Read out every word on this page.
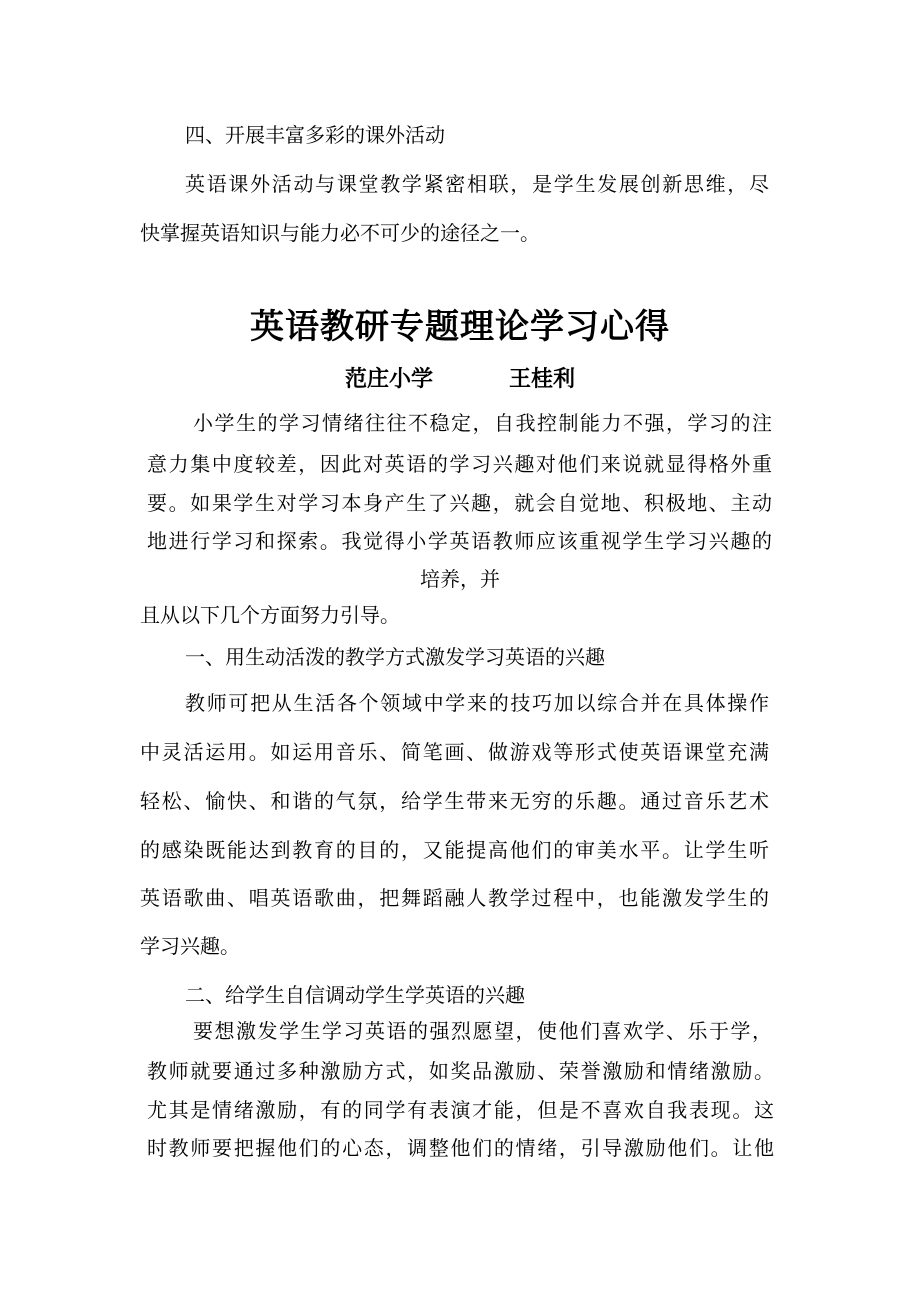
四、开展丰富多彩的课外活动

英语课外活动与课堂教学紧密相联，是学生发展创新思维，尽

快掌握英语知识与能力必不可少的途径之一。

英语教研专题理论学习心得
范庄小学	王桂利

小学生的学习情绪往往不稳定，自我控制能力不强，学习的注

意力集中度较差，因此对英语的学习兴趣对他们来说就显得格外重

要。如果学生对学习本身产生了兴趣，就会自觉地、积极地、主动

地进行学习和探索。我觉得小学英语教师应该重视学生学习兴趣的

培养，并

且从以下几个方面努力引导。

一、用生动活泼的教学方式激发学习英语的兴趣

教师可把从生活各个领域中学来的技巧加以综合并在具体操作

中灵活运用。如运用音乐、简笔画、做游戏等形式使英语课堂充满

轻松、愉快、和谐的气氛，给学生带来无穷的乐趣。通过音乐艺术

的感染既能达到教育的目的，又能提高他们的审美水平。让学生听

英语歌曲、唱英语歌曲，把舞蹈融人教学过程中，也能激发学生的

学习兴趣。

二、给学生自信调动学生学英语的兴趣

要想激发学生学习英语的强烈愿望，使他们喜欢学、乐于学，

教师就要通过多种激励方式，如奖品激励、荣誉激励和情绪激励。

尤其是情绪激励，有的同学有表演才能，但是不喜欢自我表现。这

时教师要把握他们的心态，调整他们的情绪，引导激励他们。让他
